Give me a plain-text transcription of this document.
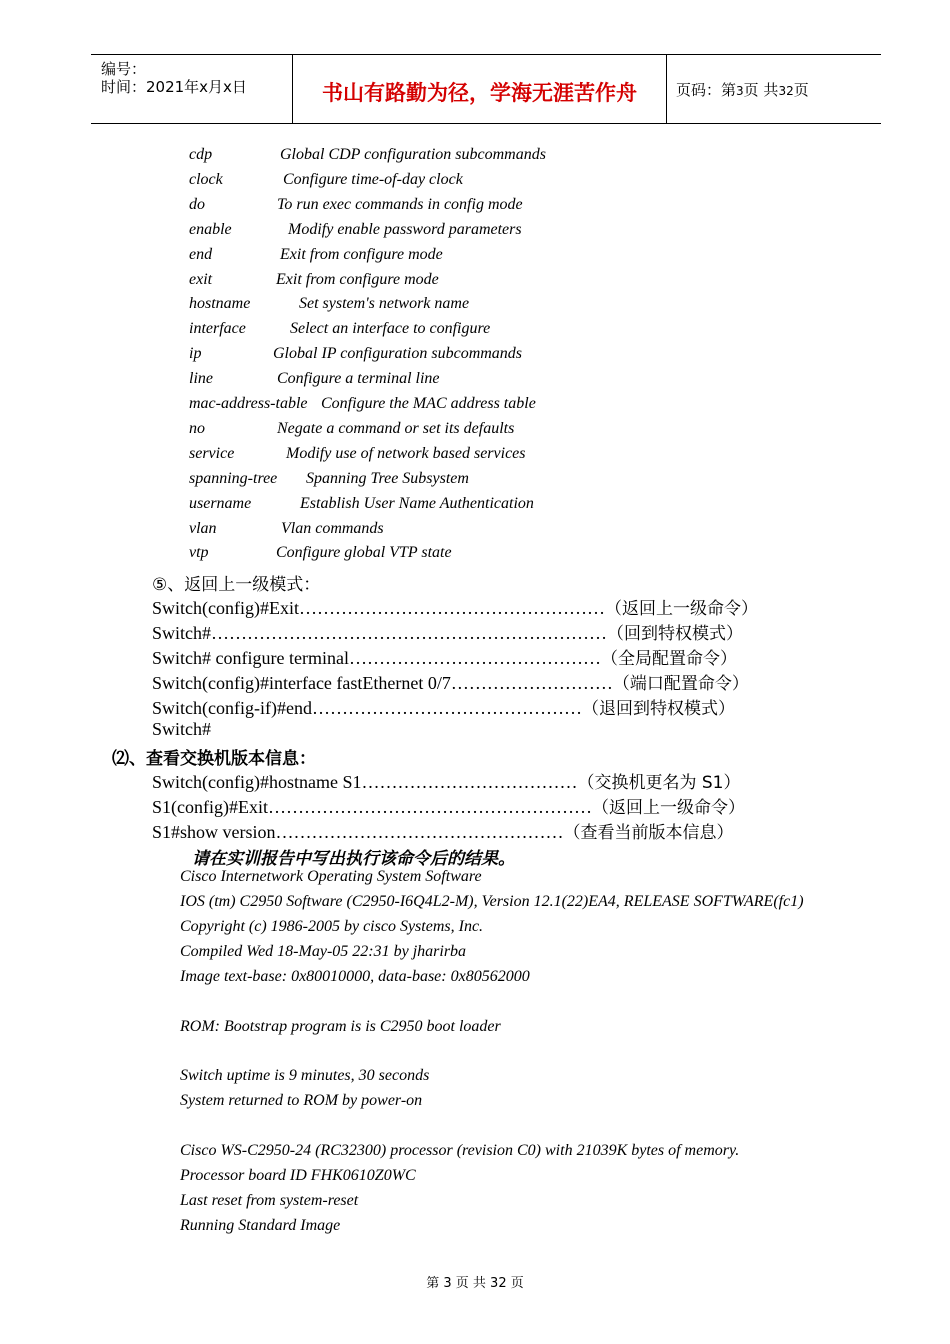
编号：
时间：2021年x月x日	书山有路勤为径，学海无涯苦作舟	页码：第3页 共32页
cdp	Global CDP configuration subcommands
clock	Configure time-of-day clock
do	To run exec commands in config mode
enable	Modify enable password parameters
end	Exit from configure mode
exit	Exit from configure mode
hostname	Set system's network name
interface	Select an interface to configure
ip	Global IP configuration subcommands
line	Configure a terminal line
mac-address-table Configure the MAC address table
no	Negate a command or set its defaults
service	Modify use of network based services
spanning-tree Spanning Tree Subsystem
username	Establish User Name Authentication
vlan	Vlan commands
vtp	Configure global VTP state
⑤、返回上一级模式：
Switch(config)#Exit……………………………………………（返回上一级命令）
Switch#…………………………………………………………（回到特权模式）
Switch# configure terminal……………………………………（全局配置命令）
Switch(config)#interface fastEthernet 0/7………………………（端口配置命令）
Switch(config-if)#end………………………………………（退回到特权模式）
Switch#
⑵、查看交换机版本信息：
Switch(config)#hostname S1………………………………（交换机更名为 S1）
S1(config)#Exit………………………………………………（返回上一级命令）
S1#show version…………………………………………（查看当前版本信息）
请在实训报告中写出执行该命令后的结果。
Cisco Internetwork Operating System Software
IOS (tm) C2950 Software (C2950-I6Q4L2-M), Version 12.1(22)EA4, RELEASE SOFTWARE(fc1)
Copyright (c) 1986-2005 by cisco Systems, Inc.
Compiled Wed 18-May-05 22:31 by jharirba
Image text-base: 0x80010000, data-base: 0x80562000
ROM: Bootstrap program is is C2950 boot loader
Switch uptime is 9 minutes, 30 seconds
System returned to ROM by power-on
Cisco WS-C2950-24 (RC32300) processor (revision C0) with 21039K bytes of memory.
Processor board ID FHK0610Z0WC
Last reset from system-reset
Running Standard Image
第 3 页 共 32 页
